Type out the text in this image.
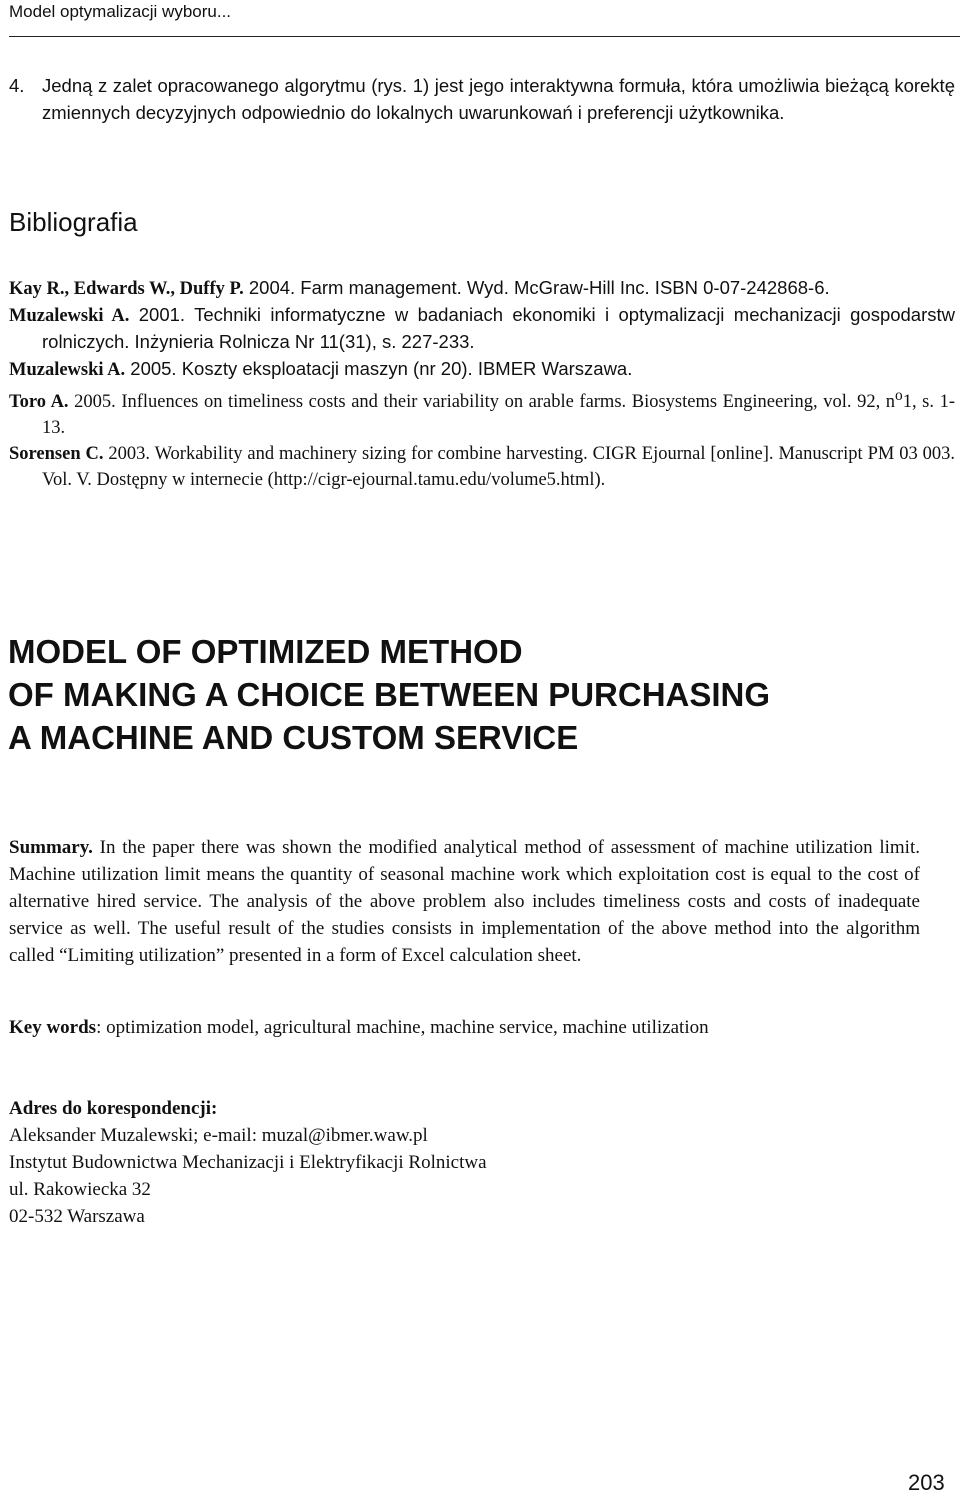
Model optymalizacji wyboru...
4. Jedną z zalet opracowanego algorytmu (rys. 1) jest jego interaktywna formuła, która umożliwia bieżącą korektę zmiennych decyzyjnych odpowiednio do lokalnych uwarunkowań i preferencji użytkownika.
Bibliografia
Kay R., Edwards W., Duffy P. 2004. Farm management. Wyd. McGraw-Hill Inc. ISBN 0-07-242868-6.
Muzalewski A. 2001. Techniki informatyczne w badaniach ekonomiki i optymalizacji mechanizacji gospodarstw rolniczych. Inżynieria Rolnicza Nr 11(31), s. 227-233.
Muzalewski A. 2005. Koszty eksploatacji maszyn (nr 20). IBMER Warszawa.
Toro A. 2005. Influences on timeliness costs and their variability on arable farms. Biosystems Engineering, vol. 92, $n^o1$, s. 1-13.
Sorensen C. 2003. Workability and machinery sizing for combine harvesting. CIGR Ejournal [online]. Manuscript PM 03 003. Vol. V. Dostępny w internecie (http://cigr-ejournal.tamu.edu/volume5.html).
MODEL OF OPTIMIZED METHOD
OF MAKING A CHOICE BETWEEN PURCHASING
A MACHINE AND CUSTOM SERVICE
Summary. In the paper there was shown the modified analytical method of assessment of machine utilization limit. Machine utilization limit means the quantity of seasonal machine work which exploitation cost is equal to the cost of alternative hired service. The analysis of the above problem also includes timeliness costs and costs of inadequate service as well. The useful result of the studies consists in implementation of the above method into the algorithm called “Limiting utilization” presented in a form of Excel calculation sheet.
Key words: optimization model, agricultural machine, machine service, machine utilization
Adres do korespondencji:
Aleksander Muzalewski; e-mail: muzal@ibmer.waw.pl
Instytut Budownictwa Mechanizacji i Elektryfikacji Rolnictwa
ul. Rakowiecka 32
02-532 Warszawa
203
